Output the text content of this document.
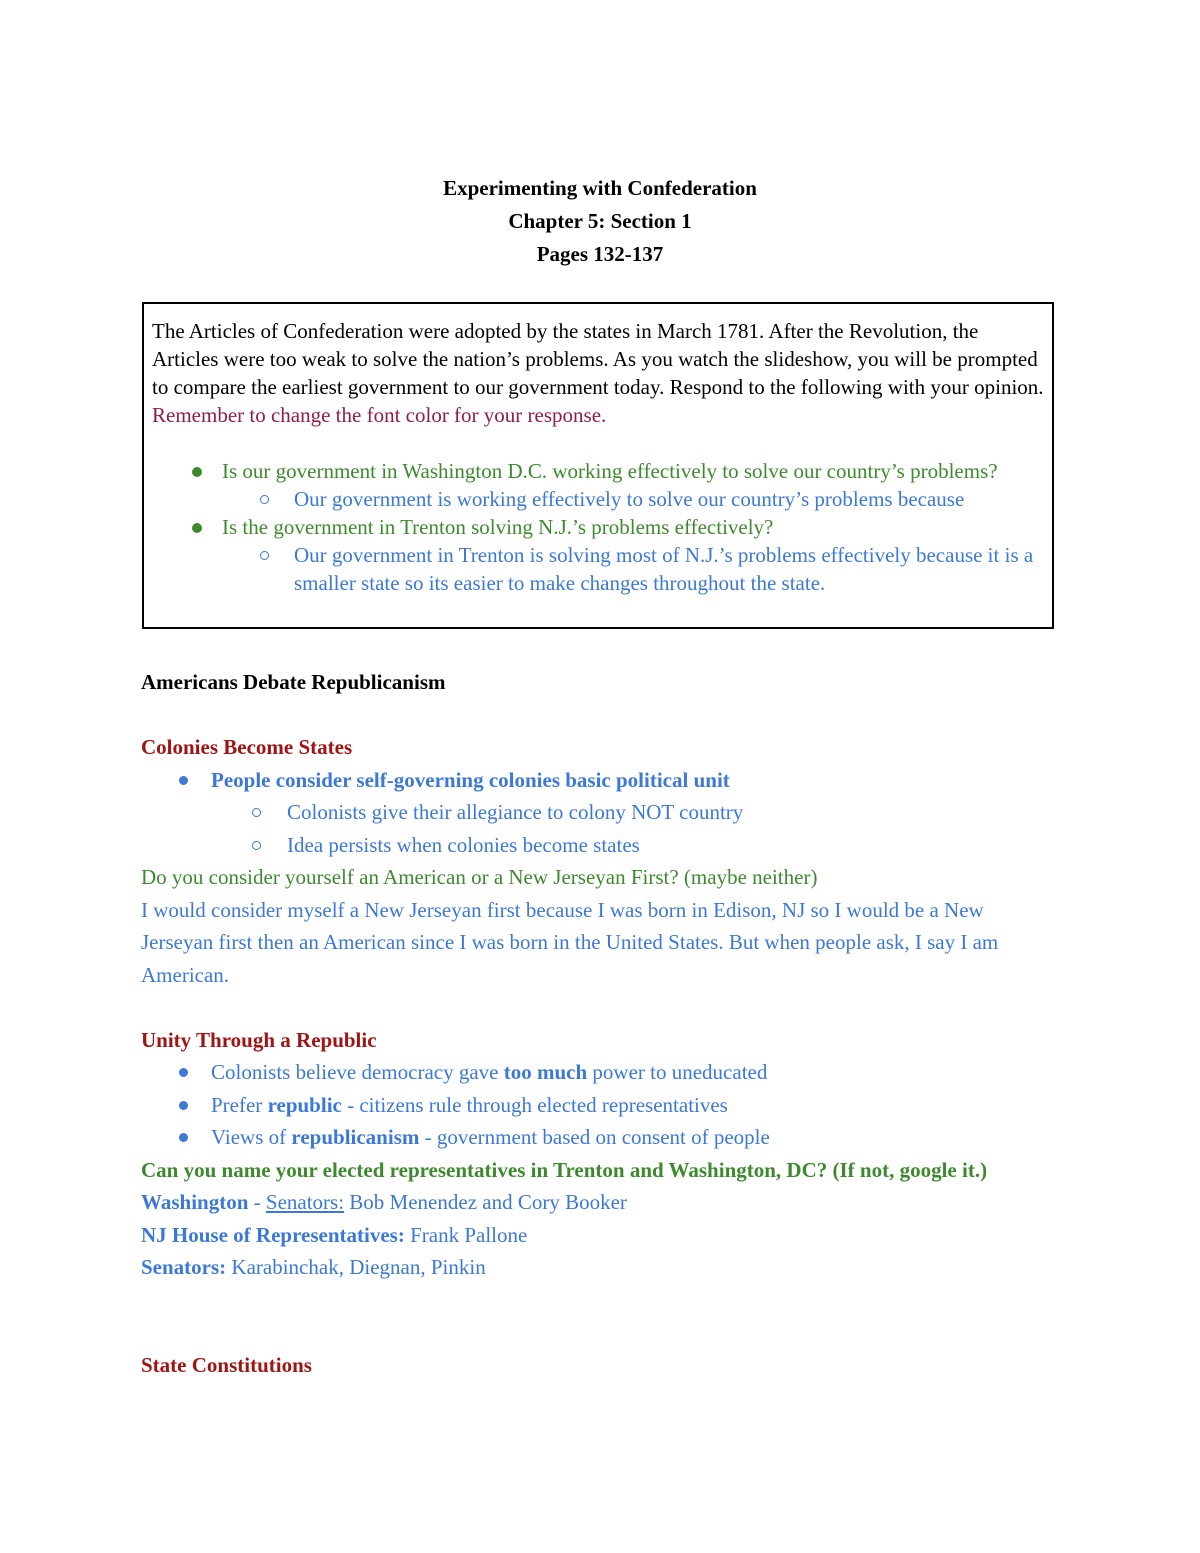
Experimenting with Confederation
Chapter 5: Section 1
Pages 132-137

The Articles of Confederation were adopted by the states in March 1781. After the Revolution, the Articles were too weak to solve the nation’s problems. As you watch the slideshow, you will be prompted to compare the earliest government to our government today. Respond to the following with your opinion. Remember to change the font color for your response.

Is our government in Washington D.C. working effectively to solve our country’s problems?
Our government is working effectively to solve our country’s problems because
Is the government in Trenton solving N.J.’s problems effectively?
Our government in Trenton is solving most of N.J.’s problems effectively because it is a smaller state so its easier to make changes throughout the state.

Americans Debate Republicanism

Colonies Become States

People consider self-governing colonies basic political unit
Colonists give their allegiance to colony NOT country
Idea persists when colonies become states

Do you consider yourself an American or a New Jerseyan First? (maybe neither)

I would consider myself a New Jerseyan first because I was born in Edison, NJ so I would be a New Jerseyan first then an American since I was born in the United States. But when people ask, I say I am American.

Unity Through a Republic

Colonists believe democracy gave too much power to uneducated
Prefer republic - citizens rule through elected representatives
Views of republicanism - government based on consent of people

Can you name your elected representatives in Trenton and Washington, DC? (If not, google it.)

Washington - Senators: Bob Menendez and Cory Booker

NJ House of Representatives: Frank Pallone

Senators: Karabinchak, Diegnan, Pinkin

State Constitutions
